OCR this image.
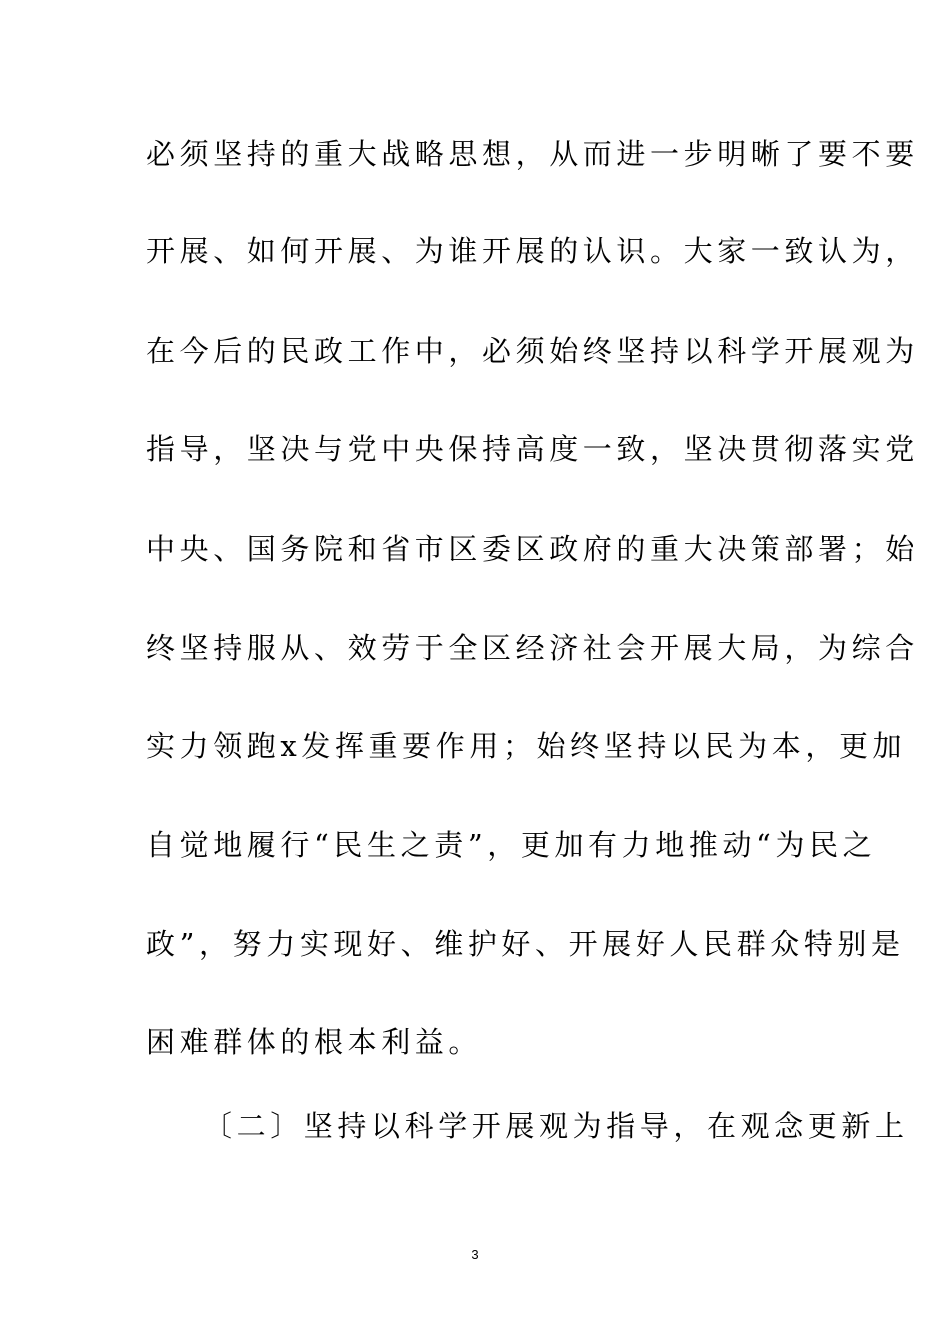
必须坚持的重大战略思想，从而进一步明晰了要不要
开展、如何开展、为谁开展的认识。大家一致认为，
在今后的民政工作中，必须始终坚持以科学开展观为
指导，坚决与党中央保持高度一致，坚决贯彻落实党
中央、国务院和省市区委区政府的重大决策部署；始
终坚持服从、效劳于全区经济社会开展大局，为综合
实力领跑x发挥重要作用；始终坚持以民为本，更加
自觉地履行“民生之责”，更加有力地推动“为民之
政”，努力实现好、维护好、开展好人民群众特别是
困难群体的根本利益。
〔二〕坚持以科学开展观为指导，在观念更新上
3
